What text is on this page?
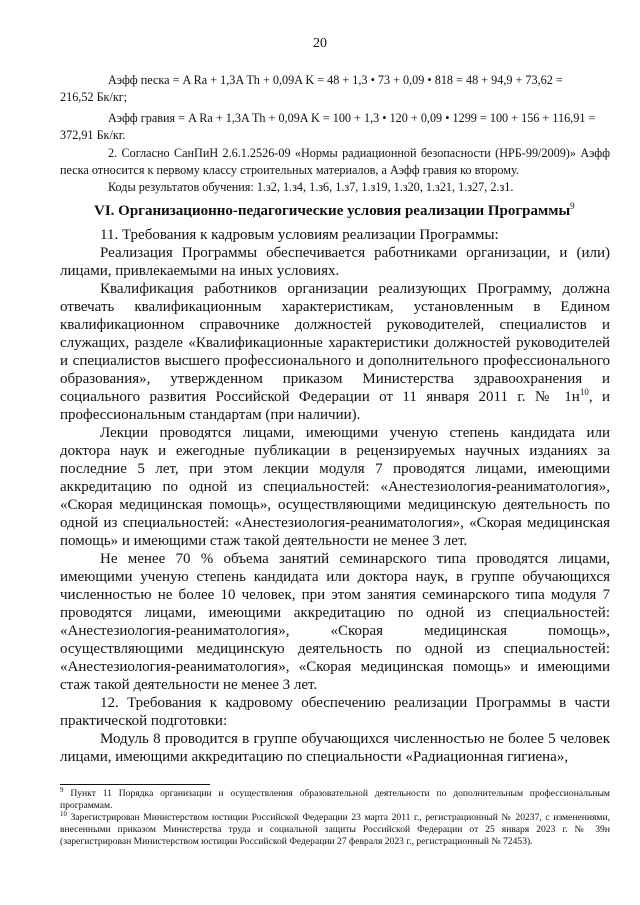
20

Aэфф песка = A Ra + 1,3A Th + 0,09A K = 48 + 1,3 • 73 + 0,09 • 818 = 48 + 94,9 + 73,62 =

216,52 Бк/кг;

Aэфф гравия = A Ra + 1,3A Th + 0,09A K = 100 + 1,3 • 120 + 0,09 • 1299 = 100 + 156 + 116,91 =

372,91 Бк/кг.

2. Согласно СанПиН 2.6.1.2526-09 «Нормы радиационной безопасности (НРБ-99/2009)» Aэфф песка относится к первому классу строительных материалов, а Aэфф гравия ко второму.

Коды результатов обучения: 1.з2, 1.з4, 1.з6, 1.з7, 1.з19, 1.з20, 1.з21, 1.з27, 2.з1.

VI. Организационно-педагогические условия реализации Программы$^9$

11. Требования к кадровым условиям реализации Программы:

Реализация Программы обеспечивается работниками организации, и (или) лицами, привлекаемыми на иных условиях.

Квалификация работников организации реализующих Программу, должна отвечать квалификационным характеристикам, установленным в Едином квалификационном справочнике должностей руководителей, специалистов и служащих, разделе «Квалификационные характеристики должностей руководителей и специалистов высшего профессионального и дополнительного профессионального образования», утвержденном приказом Министерства здравоохранения и социального развития Российской Федерации от 11 января 2011 г. № $1н^{10}$, и профессиональным стандартам (при наличии).

Лекции проводятся лицами, имеющими ученую степень кандидата или доктора наук и ежегодные публикации в рецензируемых научных изданиях за последние 5 лет, при этом лекции модуля 7 проводятся лицами, имеющими аккредитацию по одной из специальностей: «Анестезиология-реаниматология», «Скорая медицинская помощь», осуществляющими медицинскую деятельность по одной из специальностей: «Анестезиология-реаниматология», «Скорая медицинская помощь» и имеющими стаж такой деятельности не менее 3 лет.

Не менее 70 % объема занятий семинарского типа проводятся лицами, имеющими ученую степень кандидата или доктора наук, в группе обучающихся численностью не более 10 человек, при этом занятия семинарского типа модуля 7 проводятся лицами, имеющими аккредитацию по одной из специальностей: «Анестезиология-реаниматология», «Скорая медицинская помощь», осуществляющими медицинскую деятельность по одной из специальностей: «Анестезиология-реаниматология», «Скорая медицинская помощь» и имеющими стаж такой деятельности не менее 3 лет.

12. Требования к кадровому обеспечению реализации Программы в части практической подготовки:

Модуль 8 проводится в группе обучающихся численностью не более 5 человек лицами, имеющими аккредитацию по специальности «Радиационная гигиена»,

$^9$ Пункт 11 Порядка организации и осуществления образовательной деятельности по дополнительным профессиональным программам.

$^{10}$ Зарегистрирован Министерством юстиции Российской Федерации 23 марта 2011 г., регистрационный № 20237, с изменениями, внесенными приказом Министерства труда и социальной защиты Российской Федерации от 25 января 2023 г. № 39н (зарегистрирован Министерством юстиции Российской Федерации 27 февраля 2023 г., регистрационный № 72453).
